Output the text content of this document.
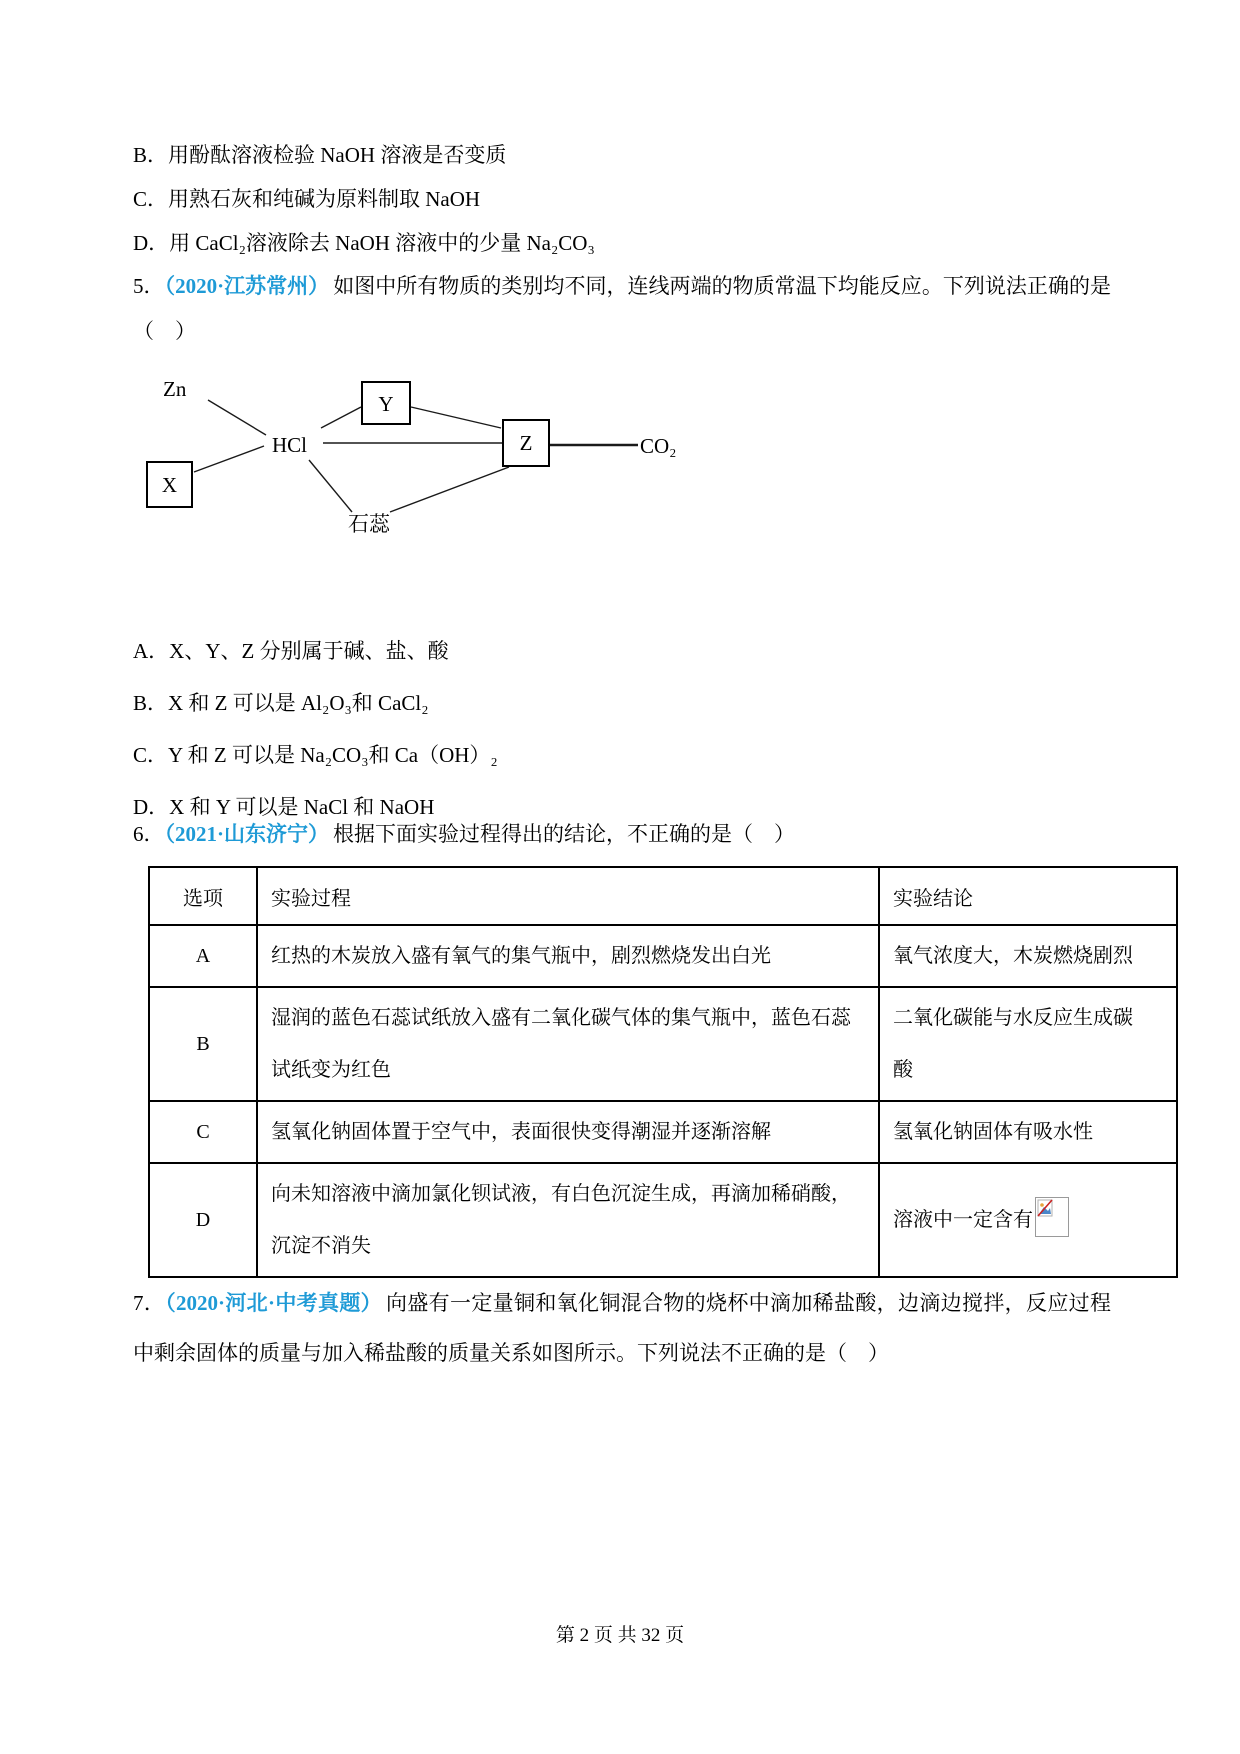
B．用酚酞溶液检验 NaOH 溶液是否变质

C．用熟石灰和纯碱为原料制取 NaOH

D．用 CaCl₂溶液除去 NaOH 溶液中的少量 Na₂CO₃

5．（2020·江苏常州） 如图中所有物质的类别均不同，连线两端的物质常温下均能反应。下列说法正确的是（　）

Zn
X
HCl
Y
Z	CO₂
石蕊

A．X、Y、Z 分别属于碱、盐、酸

B．X 和 Z 可以是 Al₂O₃和 CaCl₂

C．Y 和 Z 可以是 Na₂CO₃和 Ca（OH）₂

D．X 和 Y 可以是 NaCl 和 NaOH

6．（2021·山东济宁） 根据下面实验过程得出的结论，不正确的是（　）

选项	实验过程	实验结论
A	红热的木炭放入盛有氧气的集气瓶中，剧烈燃烧发出白光	氧气浓度大，木炭燃烧剧烈
B	湿润的蓝色石蕊试纸放入盛有二氧化碳气体的集气瓶中，蓝色石蕊试纸变为红色	二氧化碳能与水反应生成碳酸
C	氢氧化钠固体置于空气中，表面很快变得潮湿并逐渐溶解	氢氧化钠固体有吸水性
D	向未知溶液中滴加氯化钡试液，有白色沉淀生成，再滴加稀硝酸，沉淀不消失	溶液中一定含有

7．（2020·河北·中考真题） 向盛有一定量铜和氧化铜混合物的烧杯中滴加稀盐酸，边滴边搅拌，反应过程中剩余固体的质量与加入稀盐酸的质量关系如图所示。下列说法不正确的是（　）

第 2 页 共 32 页
